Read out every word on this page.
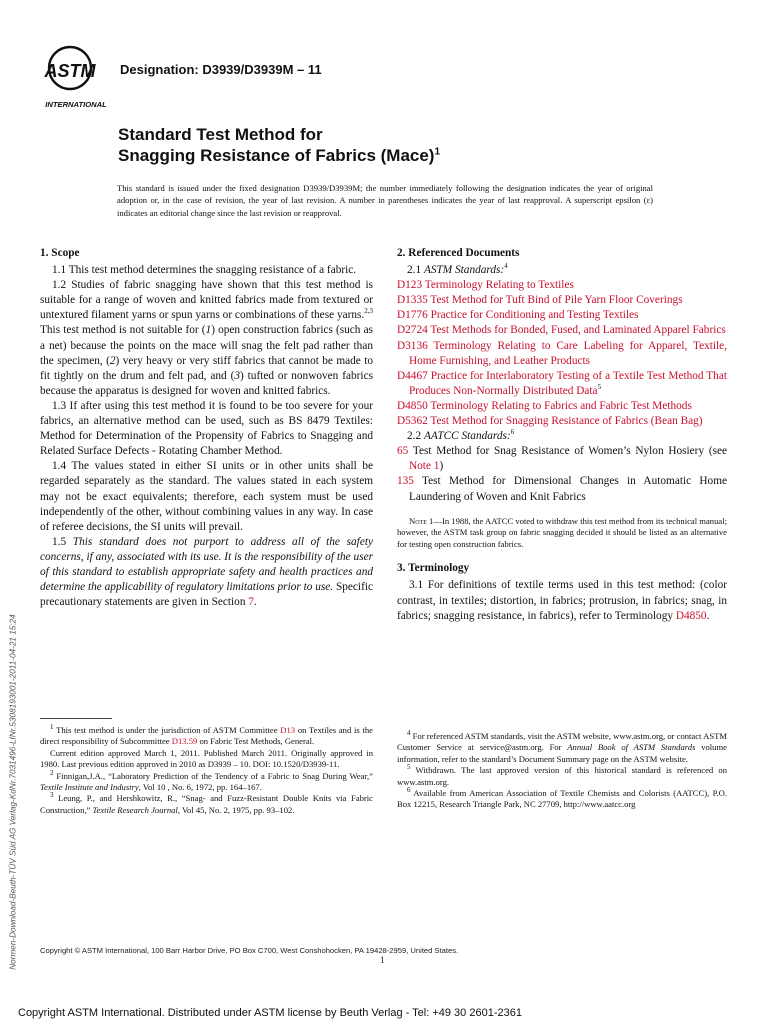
ASTM
INTERNATIONAL

Designation: D3939/D3939M – 11

Standard Test Method for
Snagging Resistance of Fabrics (Mace)$^1$

This standard is issued under the fixed designation D3939/D3939M; the number immediately following the designation indicates the year of original adoption or, in the case of revision, the year of last revision. A number in parentheses indicates the year of last reapproval. A superscript epsilon (ε) indicates an editorial change since the last revision or reapproval.

1. Scope

1.1 This test method determines the snagging resistance of a fabric.

1.2 Studies of fabric snagging have shown that this test method is suitable for a range of woven and knitted fabrics made from textured or untextured filament yarns or spun yarns or combinations of these yarns.$^{2,3}$ This test method is not suitable for (1) open construction fabrics (such as a net) because the points on the mace will snag the felt pad rather than the specimen, (2) very heavy or very stiff fabrics that cannot be made to fit tightly on the drum and felt pad, and (3) tufted or nonwoven fabrics because the apparatus is designed for woven and knitted fabrics.

1.3 If after using this test method it is found to be too severe for your fabrics, an alternative method can be used, such as BS 8479 Textiles: Method for Determination of the Propensity of Fabrics to Snagging and Related Surface Defects - Rotating Chamber Method.

1.4 The values stated in either SI units or in other units shall be regarded separately as the standard. The values stated in each system may not be exact equivalents; therefore, each system must be used independently of the other, without combining values in any way. In case of referee decisions, the SI units will prevail.

1.5 This standard does not purport to address all of the safety concerns, if any, associated with its use. It is the responsibility of the user of this standard to establish appropriate safety and health practices and determine the applicability of regulatory limitations prior to use. Specific precautionary statements are given in Section 7.

2. Referenced Documents
2.1 ASTM Standards:$^4$

D123 Terminology Relating to Textiles

D1335 Test Method for Tuft Bind of Pile Yarn Floor Coverings

D1776 Practice for Conditioning and Testing Textiles

D2724 Test Methods for Bonded, Fused, and Laminated Apparel Fabrics

D3136 Terminology Relating to Care Labeling for Apparel, Textile, Home Furnishing, and Leather Products

D4467 Practice for Interlaboratory Testing of a Textile Test Method That Produces Non-Normally Distributed Data$^5$

D4850 Terminology Relating to Fabrics and Fabric Test Methods

D5362 Test Method for Snagging Resistance of Fabrics (Bean Bag)

2.2 AATCC Standards:$^6$

65 Test Method for Snag Resistance of Women’s Nylon Hosiery (see Note 1)

135 Test Method for Dimensional Changes in Automatic Home Laundering of Woven and Knit Fabrics

Note 1—In 1988, the AATCC voted to withdraw this test method from its technical manual; however, the ASTM task group on fabric snagging decided it should be listed as an alternative for testing open construction fabrics.

3. Terminology

3.1 For definitions of textile terms used in this test method: (color contrast, in textiles; distortion, in fabrics; protrusion, in fabrics; snag, in fabrics; snagging resistance, in fabrics), refer to Terminology D4850.

$^1$ This test method is under the jurisdiction of ASTM Committee D13 on Textiles and is the direct responsibility of Subcommittee D13.59 on Fabric Test Methods, General.

Current edition approved March 1, 2011. Published March 2011. Originally approved in 1980. Last previous edition approved in 2010 as D3939 – 10. DOI: 10.1520/D3939-11.

$^2$ Finnigan,J.A., “Laboratory Prediction of the Tendency of a Fabric to Snag During Wear,” Textile Institute and Industry, Vol 10 , No. 6, 1972, pp. 164–167.

$^3$ Leung, P., and Hershkowitz, R., “Snag- and Fuzz-Resistant Double Knits via Fabric Construction,” Textile Research Journal, Vol 45, No. 2, 1975, pp. 93–102.

$^4$ For referenced ASTM standards, visit the ASTM website, www.astm.org, or contact ASTM Customer Service at service@astm.org. For Annual Book of ASTM Standards volume information, refer to the standard’s Document Summary page on the ASTM website.

$^5$ Withdrawn. The last approved version of this historical standard is referenced on www.astm.org.

$^6$ Available from American Association of Textile Chemists and Colorists (AATCC), P.O. Box 12215, Research Triangle Park, NC 27709, http://www.aatcc.org

Normen-Download-Beuth-TÜV Süd AG Verlag-KdNr.7031496-LfNr.5308193001-2011-04-21 15:24	Copyright © ASTM International, 100 Barr Harbor Drive, PO Box C700, West Conshohocken, PA 19428-2959, United States.

1

Copyright ASTM International. Distributed under ASTM license by Beuth Verlag - Tel: +49 30 2601-2361
